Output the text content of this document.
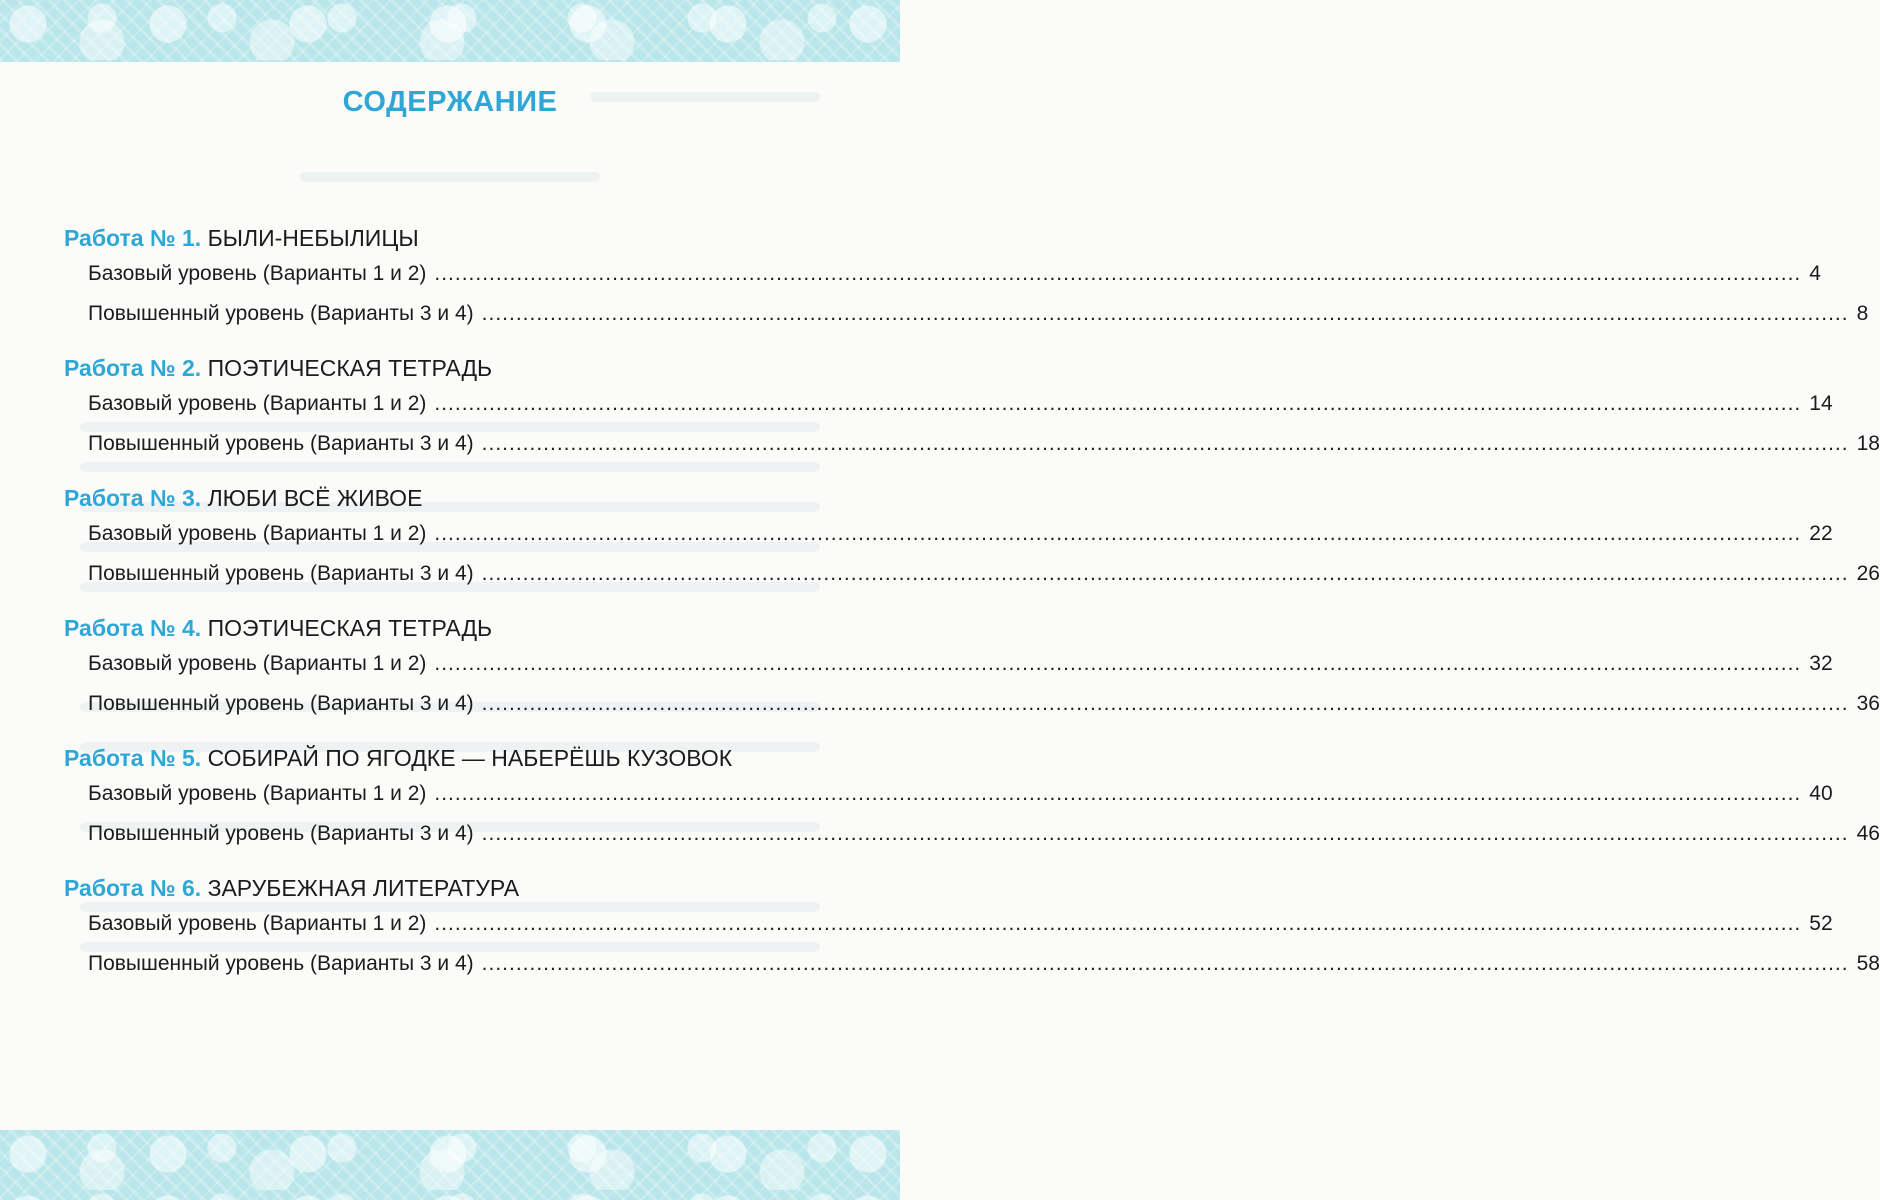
СОДЕРЖАНИЕ
Работа № 1. БЫЛИ-НЕБЫЛИЦЫ
Базовый уровень (Варианты 1 и 2) ........................................................................................................................................................................................................ 4
Повышенный уровень (Варианты 3 и 4) ........................................................................................................................................................................................................ 8
Работа № 2. ПОЭТИЧЕСКАЯ ТЕТРАДЬ
Базовый уровень (Варианты 1 и 2) ........................................................................................................................................................................................................ 14
Повышенный уровень (Варианты 3 и 4) ........................................................................................................................................................................................................ 18
Работа № 3. ЛЮБИ ВСЁ ЖИВОЕ
Базовый уровень (Варианты 1 и 2) ........................................................................................................................................................................................................ 22
Повышенный уровень (Варианты 3 и 4) ........................................................................................................................................................................................................ 26
Работа № 4. ПОЭТИЧЕСКАЯ ТЕТРАДЬ
Базовый уровень (Варианты 1 и 2) ........................................................................................................................................................................................................ 32
Повышенный уровень (Варианты 3 и 4) ........................................................................................................................................................................................................ 36
Работа № 5. СОБИРАЙ ПО ЯГОДКЕ — НАБЕРЁШЬ КУЗОВОК
Базовый уровень (Варианты 1 и 2) ........................................................................................................................................................................................................ 40
Повышенный уровень (Варианты 3 и 4) ........................................................................................................................................................................................................ 46
Работа № 6. ЗАРУБЕЖНАЯ ЛИТЕРАТУРА
Базовый уровень (Варианты 1 и 2) ........................................................................................................................................................................................................ 52
Повышенный уровень (Варианты 3 и 4) ........................................................................................................................................................................................................ 58
